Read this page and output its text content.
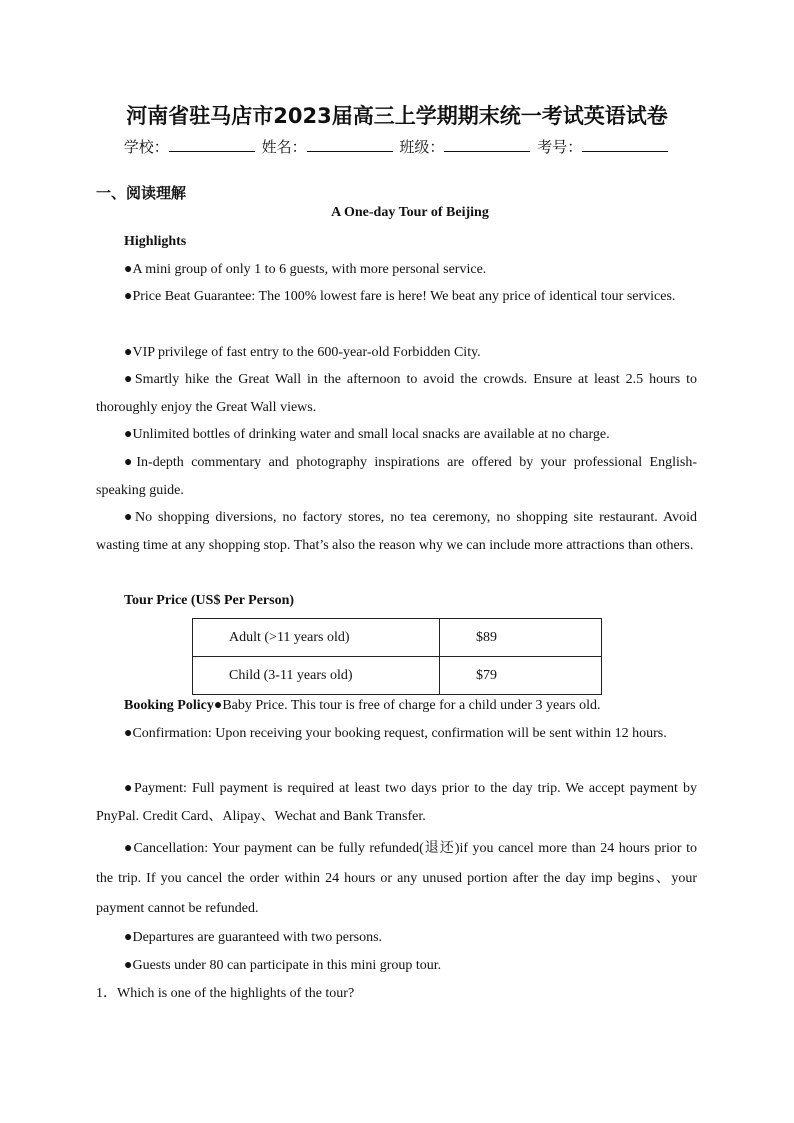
河南省驻马店市2023届高三上学期期末统一考试英语试卷
学校：	姓名：	班级：	考号：
一、阅读理解
A One-day Tour of Beijing

Highlights

●A mini group of only 1 to 6 guests, with more personal service.

●Price Beat Guarantee: The 100% lowest fare is here! We beat any price of identical tour services.

●VIP privilege of fast entry to the 600-year-old Forbidden City.

●Smartly hike the Great Wall in the afternoon to avoid the crowds. Ensure at least 2.5 hours to thoroughly enjoy the Great Wall views.

●Unlimited bottles of drinking water and small local snacks are available at no charge.

●In-depth commentary and photography inspirations are offered by your professional English-speaking guide.

●No shopping diversions, no factory stores, no tea ceremony, no shopping site restaurant. Avoid wasting time at any shopping stop. That’s also the reason why we can include more attractions than others.

Tour Price (US$ Per Person)

Adult (>11 years old)	$89
Child (3-11 years old)	$79

Booking Policy●Baby Price. This tour is free of charge for a child under 3 years old.

●Confirmation: Upon receiving your booking request, confirmation will be sent within 12 hours.

●Payment: Full payment is required at least two days prior to the day trip. We accept payment by PnyPal. Credit Card、Alipay、Wechat and Bank Transfer.

●Cancellation: Your payment can be fully refunded(退还)if you cancel more than 24 hours prior to the trip. If you cancel the order within 24 hours or any unused portion after the day imp begins、your payment cannot be refunded.

●Departures are guaranteed with two persons.

●Guests under 80 can participate in this mini group tour.

1．Which is one of the highlights of the tour?
